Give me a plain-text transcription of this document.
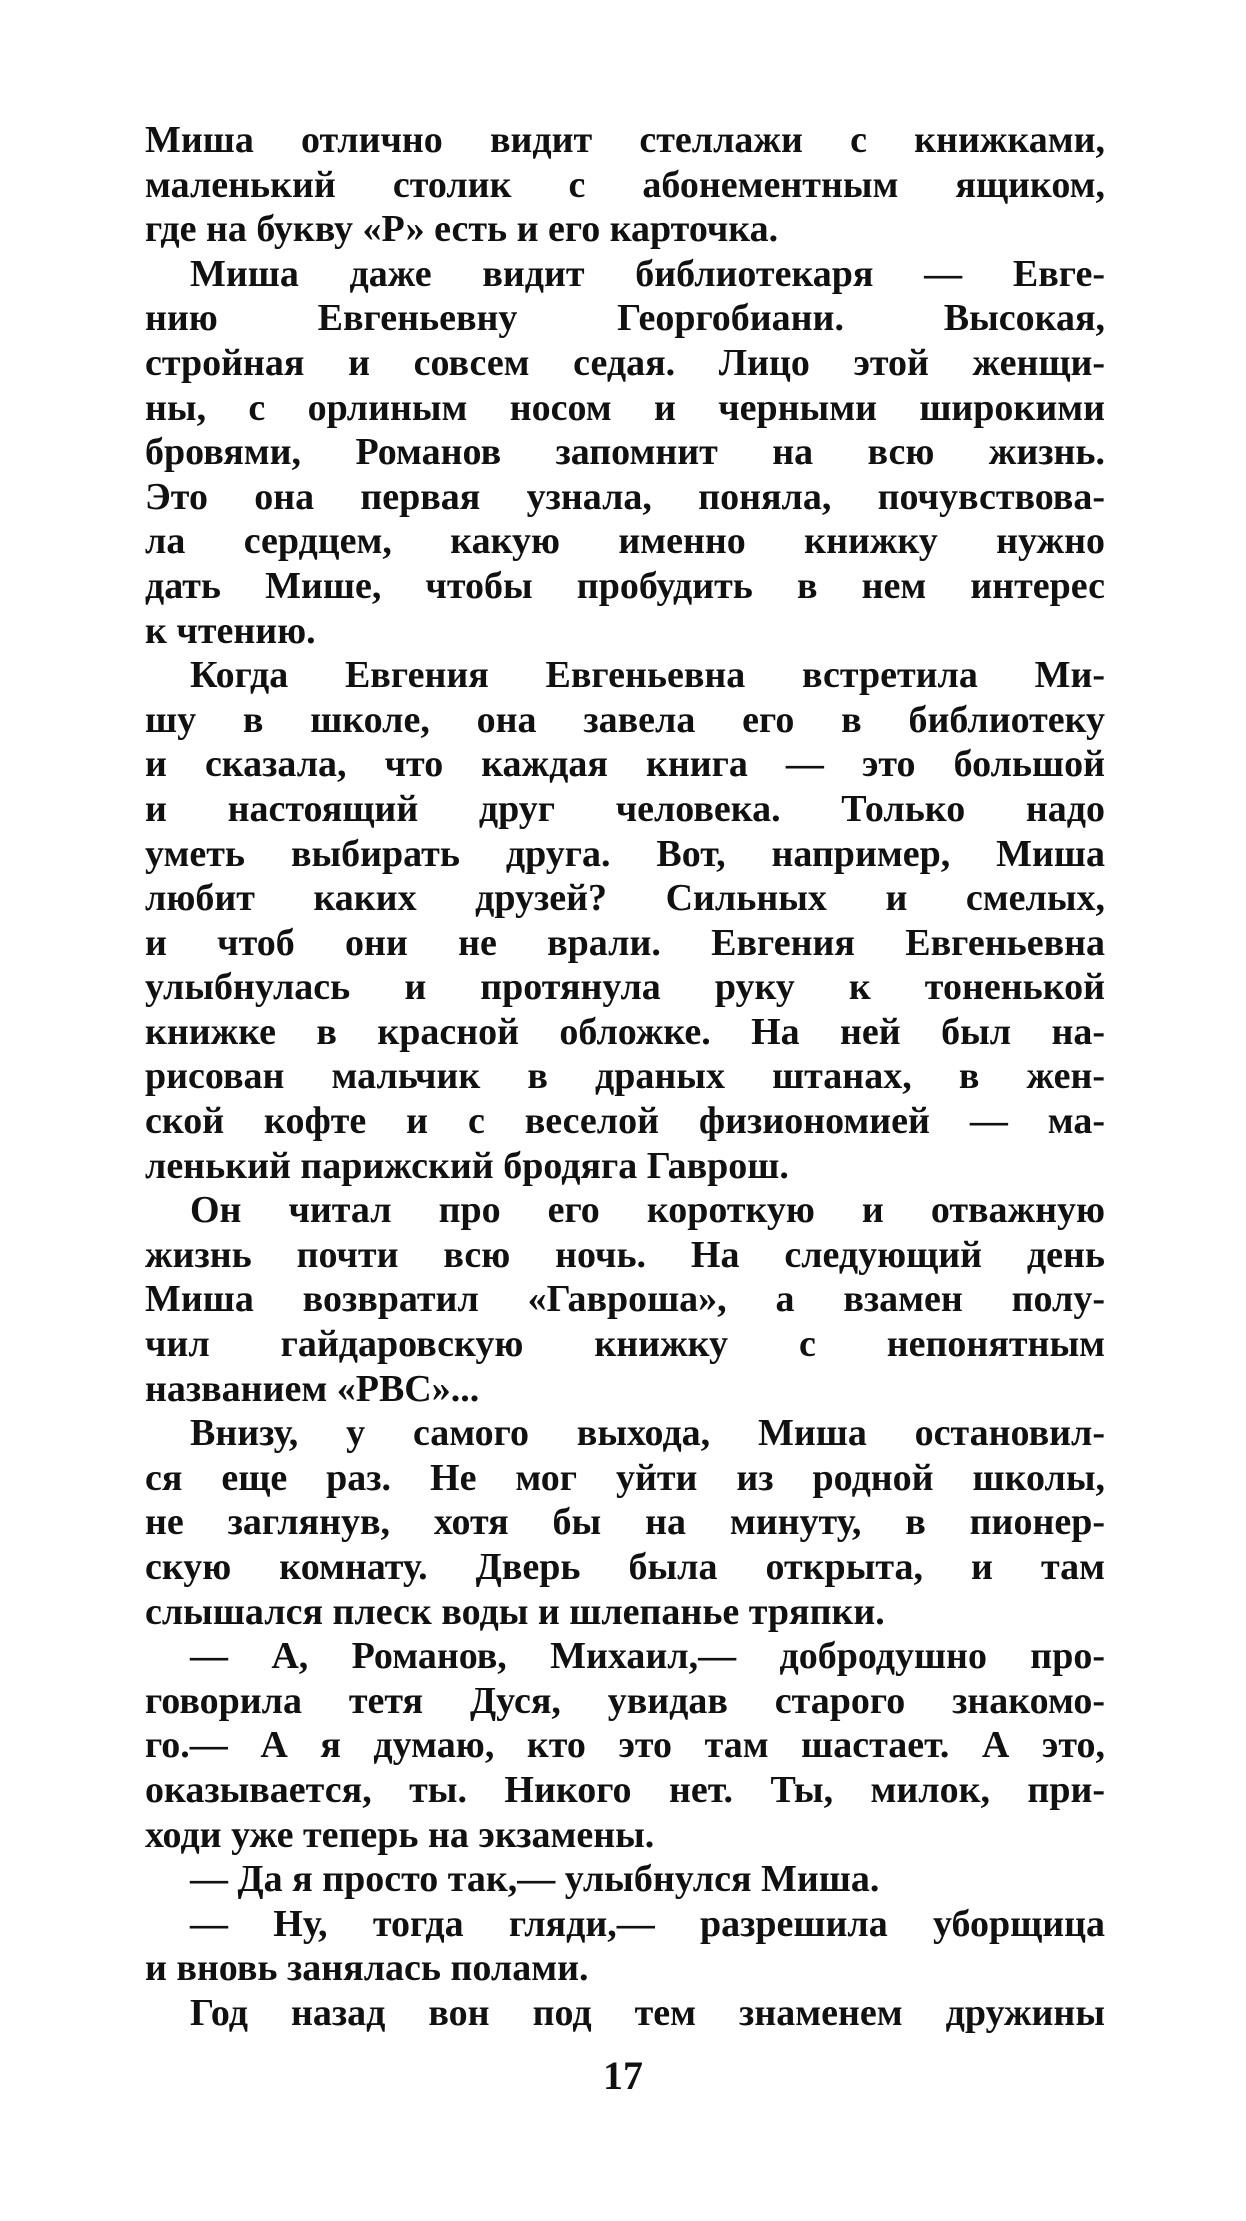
Миша отлично видит стеллажи с книжками,
маленький столик с абонементным ящиком,
где на букву «Р» есть и его карточка.
Миша даже видит библиотекаря — Евге-
нию Евгеньевну Георгобиани. Высокая,
стройная и совсем седая. Лицо этой женщи-
ны, с орлиным носом и черными широкими
бровями, Романов запомнит на всю жизнь.
Это она первая узнала, поняла, почувствова-
ла сердцем, какую именно книжку нужно
дать Мише, чтобы пробудить в нем интерес
к чтению.
Когда Евгения Евгеньевна встретила Ми-
шу в школе, она завела его в библиотеку
и сказала, что каждая книга — это большой
и настоящий друг человека. Только надо
уметь выбирать друга. Вот, например, Миша
любит каких друзей? Сильных и смелых,
и чтоб они не врали. Евгения Евгеньевна
улыбнулась и протянула руку к тоненькой
книжке в красной обложке. На ней был на-
рисован мальчик в драных штанах, в жен-
ской кофте и с веселой физиономией — ма-
ленький парижский бродяга Гаврош.
Он читал про его короткую и отважную
жизнь почти всю ночь. На следующий день
Миша возвратил «Гавроша», а взамен полу-
чил гайдаровскую книжку с непонятным
названием «РВС»...
Внизу, у самого выхода, Миша остановил-
ся еще раз. Не мог уйти из родной школы,
не заглянув, хотя бы на минуту, в пионер-
скую комнату. Дверь была открыта, и там
слышался плеск воды и шлепанье тряпки.
— А, Романов, Михаил,— добродушно про-
говорила тетя Дуся, увидав старого знакомо-
го.— А я думаю, кто это там шастает. А это,
оказывается, ты. Никого нет. Ты, милок, при-
ходи уже теперь на экзамены.
— Да я просто так,— улыбнулся Миша.
— Ну, тогда гляди,— разрешила уборщица
и вновь занялась полами.
Год назад вон под тем знаменем дружины
17
